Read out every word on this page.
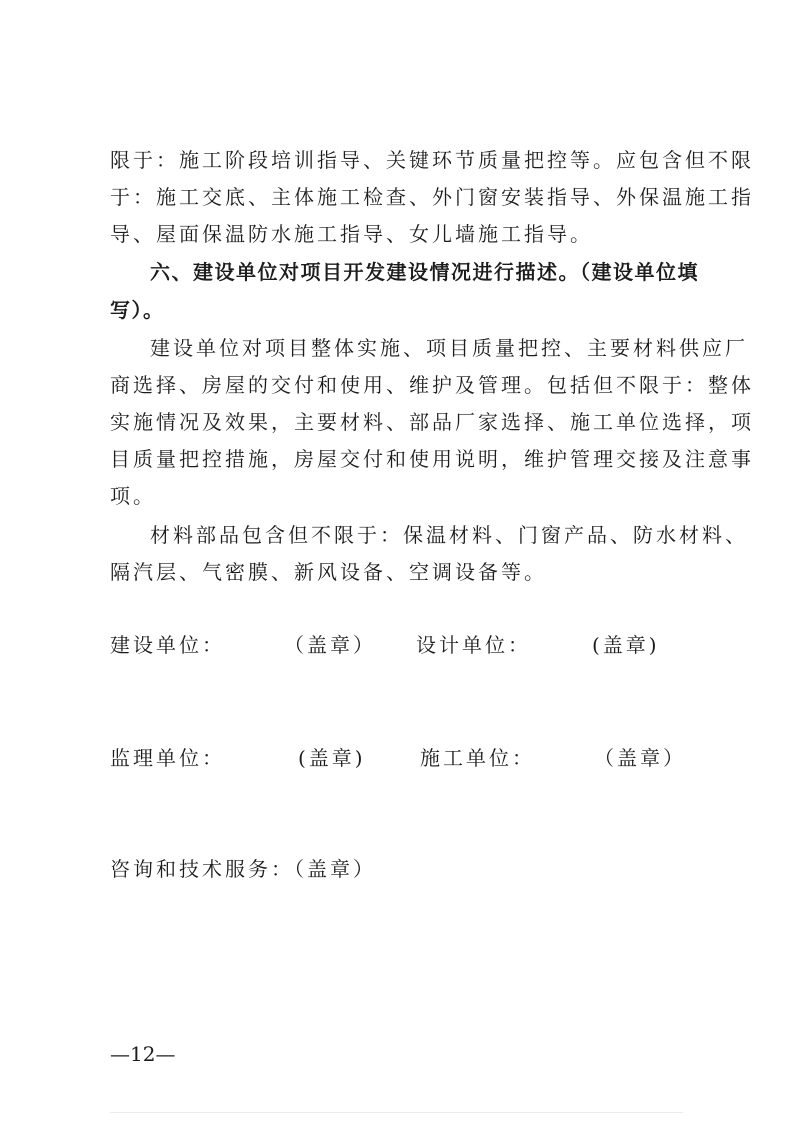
限于：施工阶段培训指导、关键环节质量把控等。应包含但不限
于：施工交底、主体施工检查、外门窗安装指导、外保温施工指
导、屋面保温防水施工指导、女儿墙施工指导。
六、建设单位对项目开发建设情况进行描述。（建设单位填
写）。
建设单位对项目整体实施、项目质量把控、主要材料供应厂
商选择、房屋的交付和使用、维护及管理。包括但不限于：整体
实施情况及效果，主要材料、部品厂家选择、施工单位选择，项
目质量把控措施，房屋交付和使用说明，维护管理交接及注意事
项。
材料部品包含但不限于：保温材料、门窗产品、防水材料、
隔汽层、气密膜、新风设备、空调设备等。
建设单位：	（盖章） 设计单位：	(盖章)
监理单位：	(盖章)	施工单位：	（盖章）
咨询和技术服务：
（盖章）
—12—
